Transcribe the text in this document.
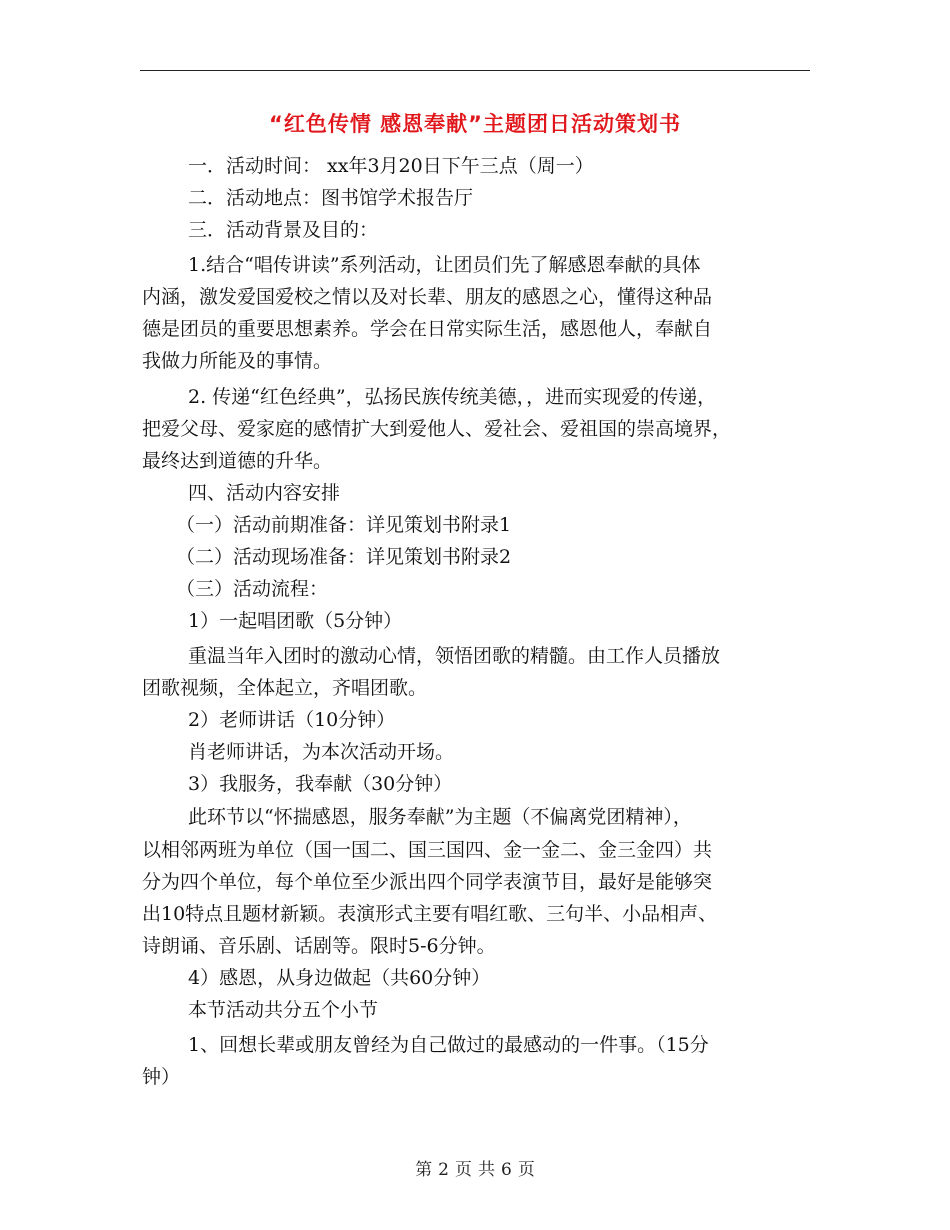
“红色传情 感恩奉献”主题团日活动策划书
一．活动时间： xx年3月20日下午三点（周一）
二．活动地点：图书馆学术报告厅
三．活动背景及目的：
1.结合“唱传讲读”系列活动，让团员们先了解感恩奉献的具体
内涵，激发爱国爱校之情以及对长辈、朋友的感恩之心，懂得这种品
德是团员的重要思想素养。学会在日常实际生活，感恩他人，奉献自
我做力所能及的事情。
2. 传递“红色经典”，弘扬民族传统美德，，进而实现爱的传递，
把爱父母、爱家庭的感情扩大到爱他人、爱社会、爱祖国的崇高境界，
最终达到道德的升华。
四、活动内容安排
（一）活动前期准备：详见策划书附录1
（二）活动现场准备：详见策划书附录2
（三）活动流程：
1）一起唱团歌（5分钟）
重温当年入团时的激动心情，领悟团歌的精髓。由工作人员播放
团歌视频，全体起立，齐唱团歌。
2）老师讲话（10分钟）
肖老师讲话，为本次活动开场。
3）我服务，我奉献（30分钟）
此环节以“怀揣感恩，服务奉献”为主题（不偏离党团精神），
以相邻两班为单位（国一国二、国三国四、金一金二、金三金四）共
分为四个单位，每个单位至少派出四个同学表演节目，最好是能够突
出10特点且题材新颖。表演形式主要有唱红歌、三句半、小品相声、
诗朗诵、音乐剧、话剧等。限时5-6分钟。
4）感恩，从身边做起（共60分钟）
本节活动共分五个小节
1、回想长辈或朋友曾经为自己做过的最感动的一件事。（15分
钟）
第 2 页 共 6 页
